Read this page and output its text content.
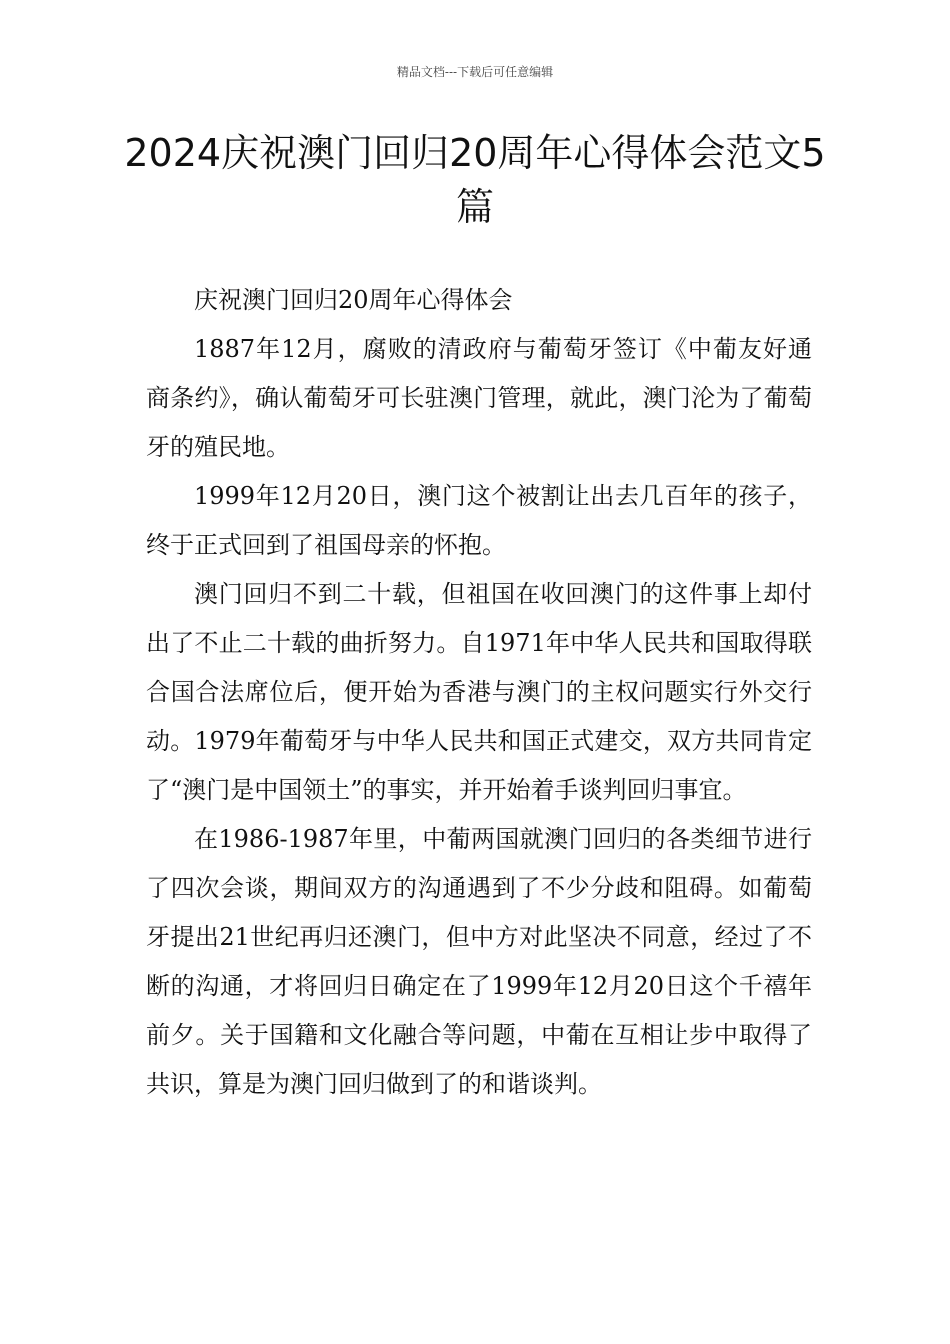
精品文档---下载后可任意编辑
2024庆祝澳门回归20周年心得体会范文5篇

庆祝澳门回归20周年心得体会

1887年12月，腐败的清政府与葡萄牙签订《中葡友好通商条约》，确认葡萄牙可长驻澳门管理，就此，澳门沦为了葡萄牙的殖民地。

1999年12月20日，澳门这个被割让出去几百年的孩子，终于正式回到了祖国母亲的怀抱。

澳门回归不到二十载，但祖国在收回澳门的这件事上却付出了不止二十载的曲折努力。自1971年中华人民共和国取得联合国合法席位后，便开始为香港与澳门的主权问题实行外交行动。1979年葡萄牙与中华人民共和国正式建交，双方共同肯定了“澳门是中国领土”的事实，并开始着手谈判回归事宜。

在1986-1987年里，中葡两国就澳门回归的各类细节进行了四次会谈，期间双方的沟通遇到了不少分歧和阻碍。如葡萄牙提出21世纪再归还澳门，但中方对此坚决不同意，经过了不断的沟通，才将回归日确定在了1999年12月20日这个千禧年前夕。关于国籍和文化融合等问题，中葡在互相让步中取得了共识，算是为澳门回归做到了的和谐谈判。
